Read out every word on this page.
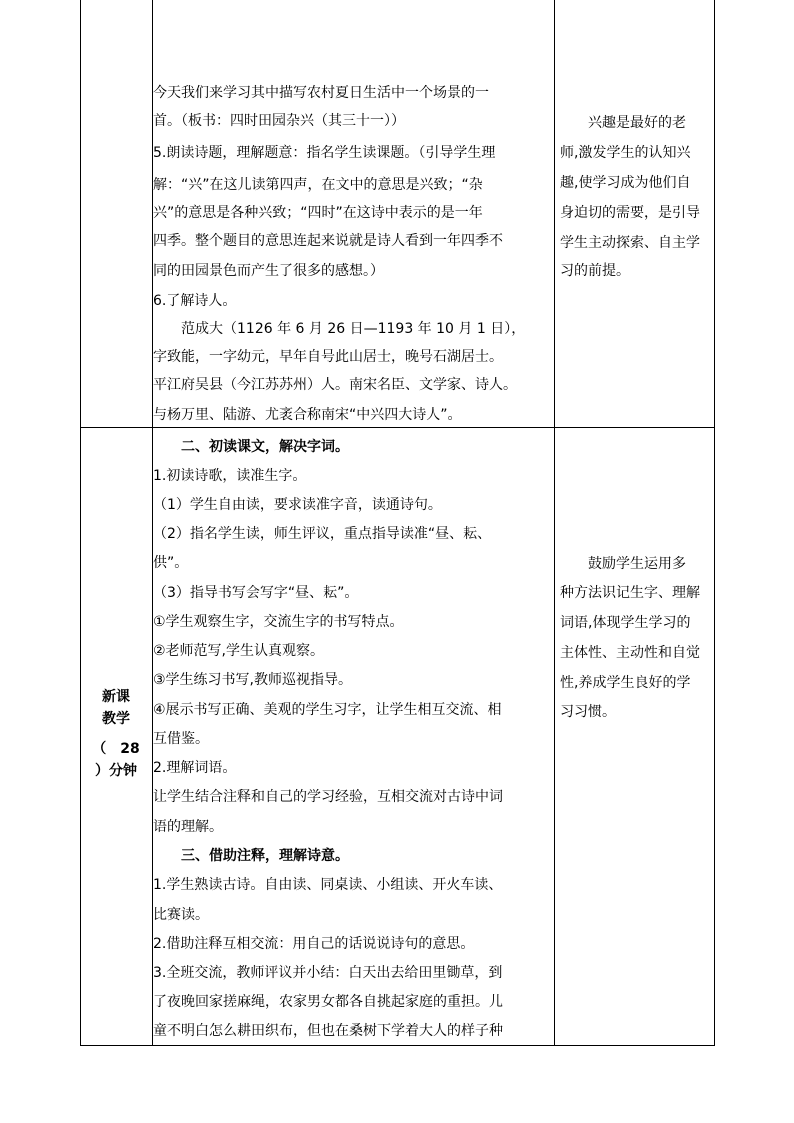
今天我们来学习其中描写农村夏日生活中一个场景的一
首。（板书：四时田园杂兴（其三十一））
5.朗读诗题，理解题意：指名学生读课题。（引导学生理
解：“兴”在这儿读第四声，在文中的意思是兴致；“杂
兴”的意思是各种兴致；“四时”在这诗中表示的是一年
四季。整个题目的意思连起来说就是诗人看到一年四季不
同的田园景色而产生了很多的感想。）
6.了解诗人。
　　范成大（1126 年 6 月 26 日—1193 年 10 月 1 日），
字致能，一字幼元，早年自号此山居士，晚号石湖居士。
平江府吴县（今江苏苏州）人。南宋名臣、文学家、诗人。
与杨万里、陆游、尤袤合称南宋“中兴四大诗人”。
　　兴趣是最好的老
师,激发学生的认知兴
趣,使学习成为他们自
身迫切的需要，是引导
学生主动探索、自主学
习的前提。
新课
教学
（　28
）分钟
　　二、初读课文，解决字词。
1.初读诗歌，读准生字。
（1）学生自由读，要求读准字音，读通诗句。
（2）指名学生读，师生评议，重点指导读准“昼、耘、
供”。
（3）指导书写会写字“昼、耘”。
①学生观察生字，交流生字的书写特点。
②老师范写,学生认真观察。
③学生练习书写,教师巡视指导。
④展示书写正确、美观的学生习字，让学生相互交流、相
互借鉴。
2.理解词语。
让学生结合注释和自己的学习经验，互相交流对古诗中词
语的理解。
　　三、借助注释，理解诗意。
1.学生熟读古诗。自由读、同桌读、小组读、开火车读、
比赛读。
2.借助注释互相交流：用自己的话说说诗句的意思。
3.全班交流，教师评议并小结：白天出去给田里锄草，到
了夜晚回家搓麻绳，农家男女都各自挑起家庭的重担。儿
童不明白怎么耕田织布，但也在桑树下学着大人的样子种
　　鼓励学生运用多
种方法识记生字、理解
词语,体现学生学习的
主体性、主动性和自觉
性,养成学生良好的学
习习惯。
